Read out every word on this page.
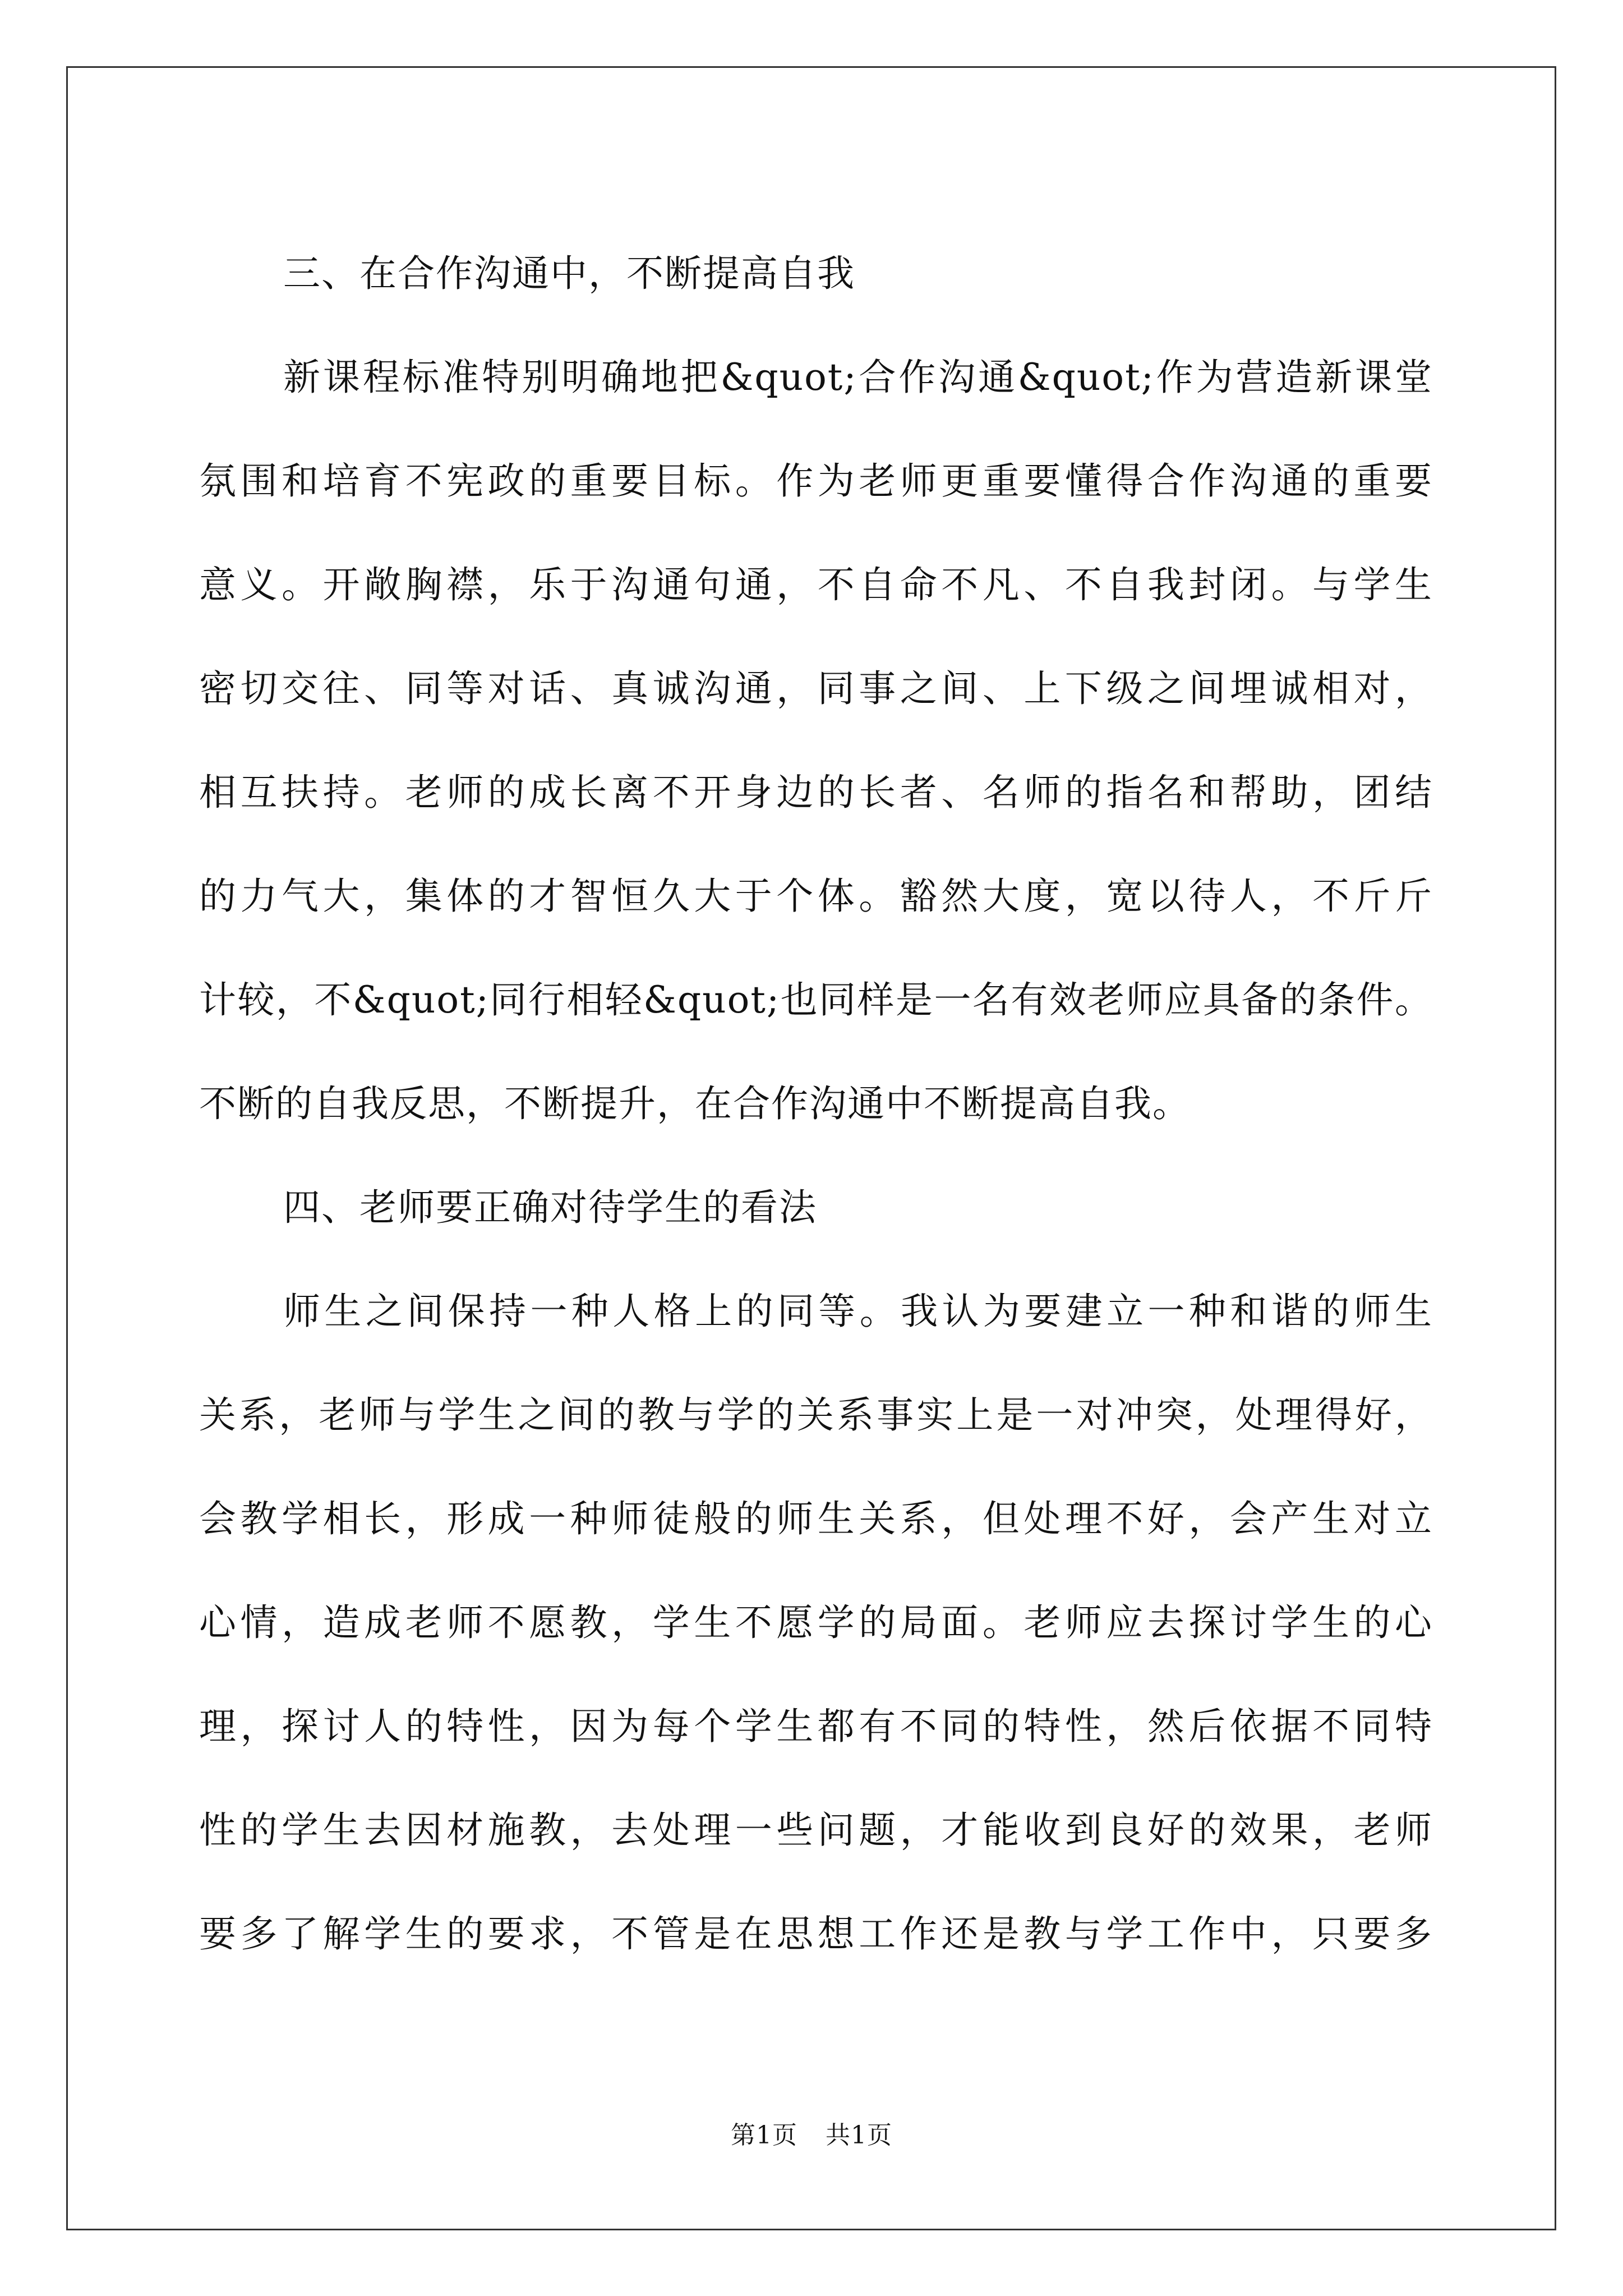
三、在合作沟通中，不断提高自我
新课程标准特别明确地把&quot;合作沟通&quot;作为营造新课堂
氛围和培育不宪政的重要目标。作为老师更重要懂得合作沟通的重要
意义。开敞胸襟，乐于沟通句通，不自命不凡、不自我封闭。与学生
密切交往、同等对话、真诚沟通，同事之间、上下级之间埋诚相对，
相互扶持。老师的成长离不开身边的长者、名师的指名和帮助，团结
的力气大，集体的才智恒久大于个体。豁然大度，宽以待人，不斤斤
计较，不&quot;同行相轻&quot;也同样是一名有效老师应具备的条件。
不断的自我反思，不断提升，在合作沟通中不断提高自我。
四、老师要正确对待学生的看法
师生之间保持一种人格上的同等。我认为要建立一种和谐的师生
关系，老师与学生之间的教与学的关系事实上是一对冲突，处理得好，
会教学相长，形成一种师徒般的师生关系，但处理不好，会产生对立
心情，造成老师不愿教，学生不愿学的局面。老师应去探讨学生的心
理，探讨人的特性，因为每个学生都有不同的特性，然后依据不同特
性的学生去因材施教，去处理一些问题，才能收到良好的效果，老师
要多了解学生的要求，不管是在思想工作还是教与学工作中，只要多
第1页 共1页
